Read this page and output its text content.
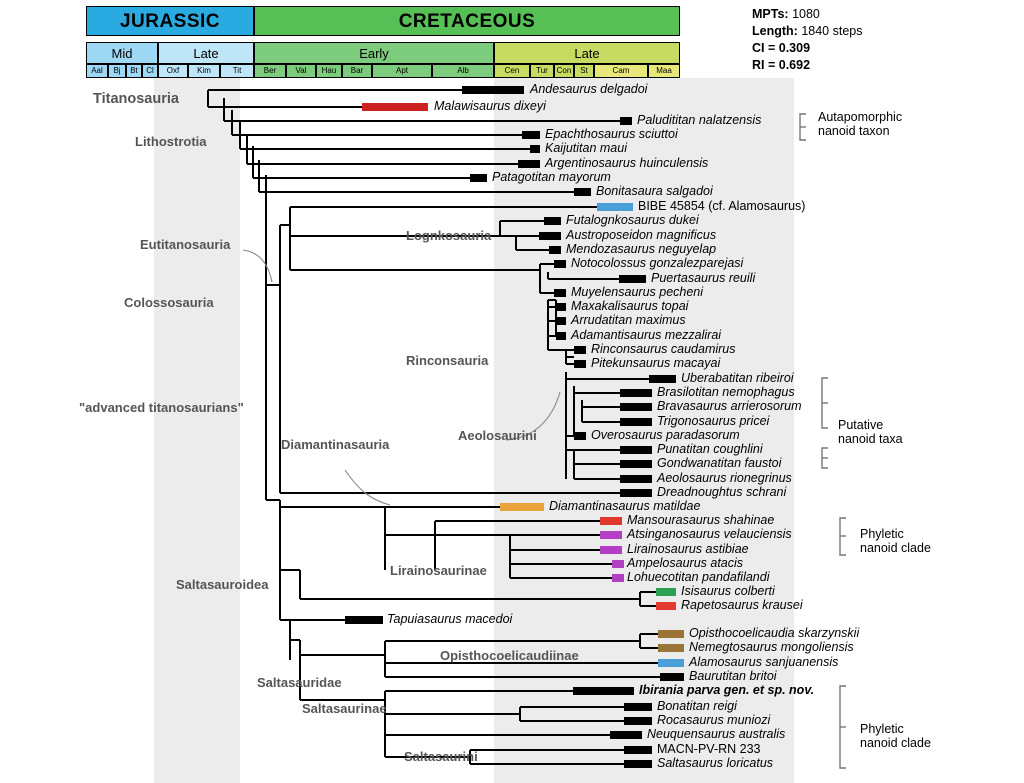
JURASSIC	CRETACEOUS
Mid	Late	Early	Late
Aal	Bj	Bt	Cl	Oxf	Kim	Tit	Ber	Val	Hau	Bar	Apt	Alb	Cen	Tur	Con	St	Cam	Maa
MPTs: 1080
Length: 1840 steps
CI = 0.309
RI = 0.692
Andesaurus delgadoi
Malawisaurus dixeyi
Paludititan nalatzensis
Epachthosaurus sciuttoi
Kaijutitan maui
Argentinosaurus huinculensis
Patagotitan mayorum
Bonitasaura salgadoi
BIBE 45854 (cf. Alamosaurus)
Futalognkosaurus dukei
Austroposeidon magnificus
Mendozasaurus neguyelap
Notocolossus gonzalezparejasi
Puertasaurus reuili
Muyelensaurus pecheni
Maxakalisaurus topai
Arrudatitan maximus
Adamantisaurus mezzalirai
Rinconsaurus caudamirus
Pitekunsaurus macayai
Uberabatitan ribeiroi
Brasilotitan nemophagus
Bravasaurus arrierosorum
Trigonosaurus pricei
Overosaurus paradasorum
Punatitan coughlini
Gondwanatitan faustoi
Aeolosaurus rionegrinus
Dreadnoughtus schrani
Diamantinasaurus matildae
Mansourasaurus shahinae
Atsinganosaurus velauciensis
Lirainosaurus astibiae
Ampelosaurus atacis
Lohuecotitan pandafilandi
Isisaurus colberti
Rapetosaurus krausei
Tapuiasaurus macedoi
Opisthocoelicaudia skarzynskii
Nemegtosaurus mongoliensis
Alamosaurus sanjuanensis
Baurutitan britoi
Ibirania parva gen. et sp. nov.
Bonatitan reigi
Rocasaurus muniozi
Neuquensaurus australis
MACN-PV-RN 233
Saltasaurus loricatus
Titanosauria
Lithostrotia
Eutitanosauria
Colossosauria
"advanced titanosaurians"
Lognkosauria
Rinconsauria
Aeolosaurini
Diamantinasauria
Lirainosaurinae
Saltasauroidea
Saltasauridae
Opisthocoelicaudiinae
Saltasaurinae
Saltasaurini
Autapomorphic
nanoid taxon
Putative
nanoid taxa
Phyletic
nanoid clade
Phyletic
nanoid clade
